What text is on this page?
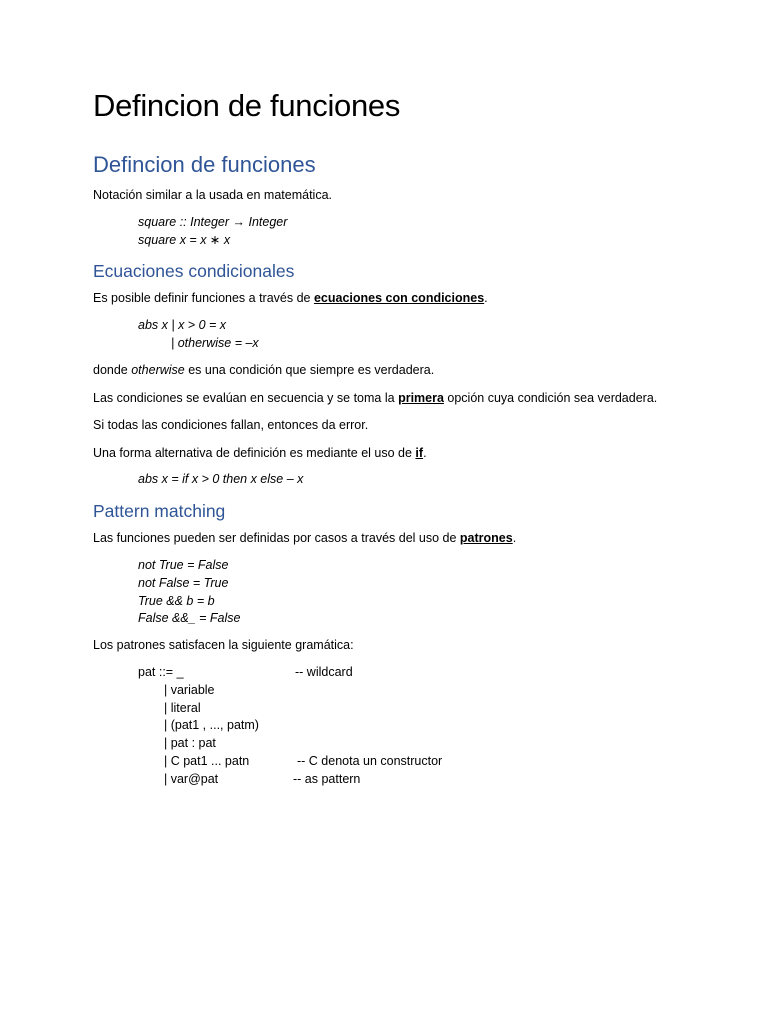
Defincion de funciones
Defincion de funciones
Notación similar a la usada en matemática.
square :: Integer → Integer
square x = x ∗ x
Ecuaciones condicionales
Es posible definir funciones a través de ecuaciones con condiciones.
abs x | x > 0 = x
| otherwise = –x
donde otherwise es una condición que siempre es verdadera.
Las condiciones se evalúan en secuencia y se toma la primera opción cuya condición sea verdadera.
Si todas las condiciones fallan, entonces da error.
Una forma alternativa de definición es mediante el uso de if.
abs x = if x > 0 then x else – x
Pattern matching
Las funciones pueden ser definidas por casos a través del uso de patrones.
not True = False
not False = True
True && b = b
False &&_ = False
Los patrones satisfacen la siguiente gramática:
pat ::= _	-- wildcard
| variable
| literal
| (pat1 , ..., patm)
| pat : pat
| C pat1 ... patn	-- C denota un constructor
| var@pat	-- as pattern
